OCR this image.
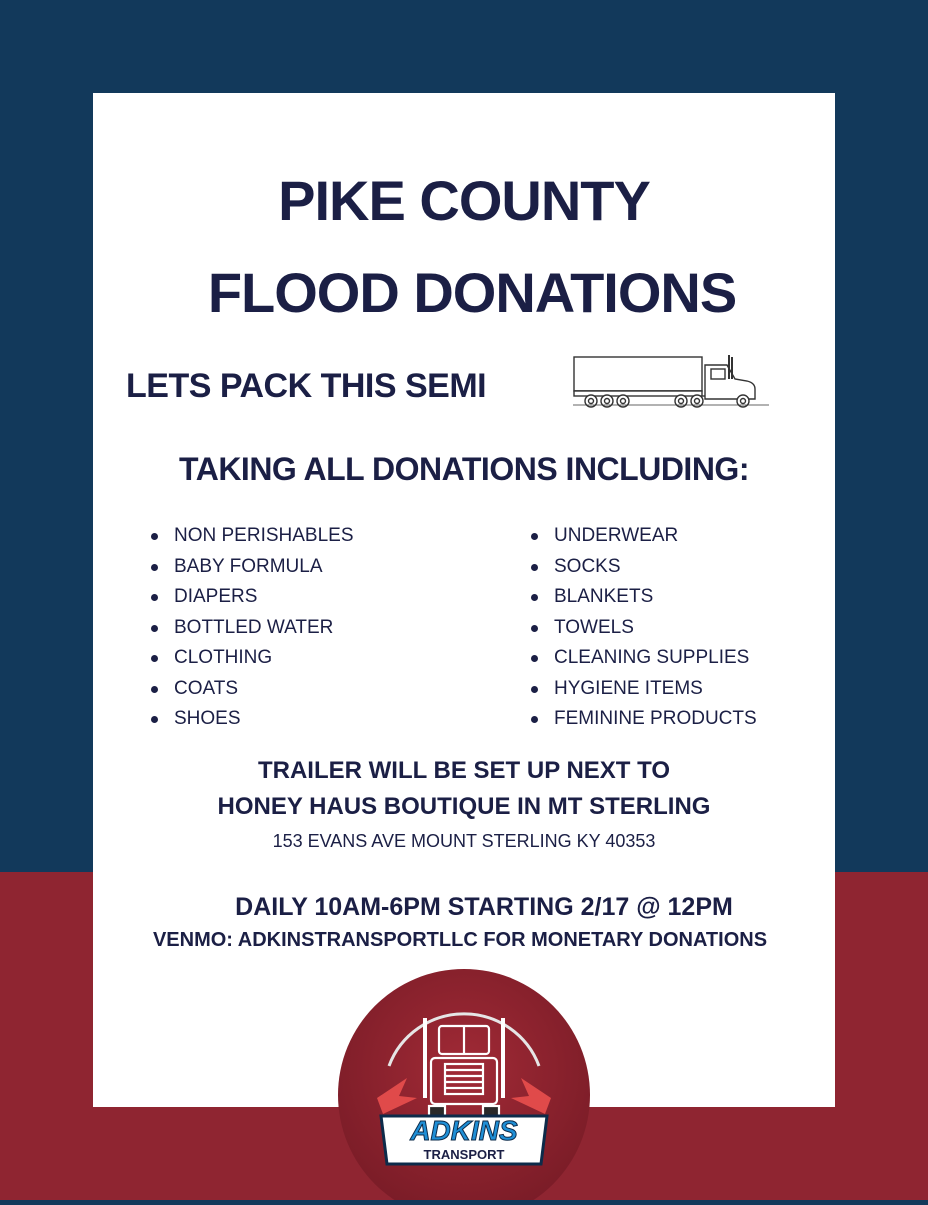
PIKE COUNTY
FLOOD DONATIONS
LETS PACK THIS SEMI
TAKING ALL DONATIONS INCLUDING:
NON PERISHABLES
BABY FORMULA
DIAPERS
BOTTLED WATER
CLOTHING
COATS
SHOES
UNDERWEAR
SOCKS
BLANKETS
TOWELS
CLEANING SUPPLIES
HYGIENE ITEMS
FEMININE PRODUCTS
TRAILER WILL BE SET UP NEXT TO
HONEY HAUS BOUTIQUE IN MT STERLING
153 EVANS AVE MOUNT STERLING KY 40353
DAILY 10AM-6PM STARTING 2/17 @ 12PM
VENMO: ADKINSTRANSPORTLLC FOR MONETARY DONATIONS
ADKINS
TRANSPORT
